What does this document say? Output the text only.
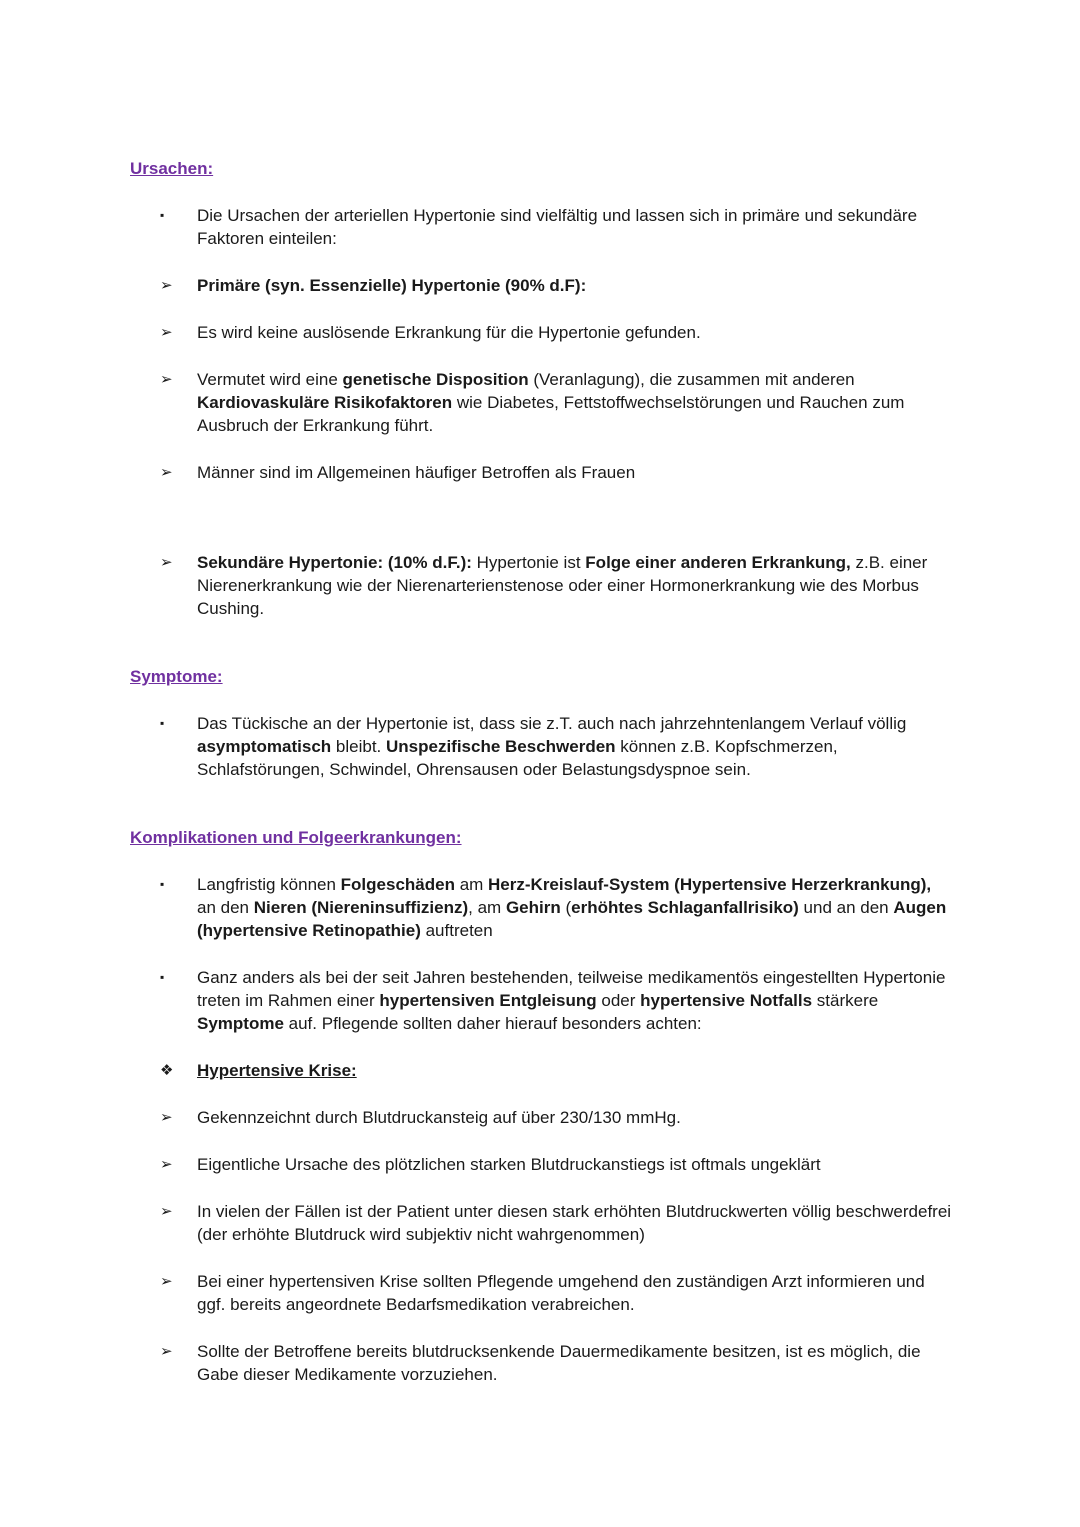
Ursachen:
▪	Die Ursachen der arteriellen Hypertonie sind vielfältig und lassen sich in primäre und sekundäre Faktoren einteilen:
➢	Primäre (syn. Essenzielle) Hypertonie (90% d.F):
➢	Es wird keine auslösende Erkrankung für die Hypertonie gefunden.
➢	Vermutet wird eine genetische Disposition (Veranlagung), die zusammen mit anderen Kardiovaskuläre Risikofaktoren wie Diabetes, Fettstoffwechselstörungen und Rauchen zum Ausbruch der Erkrankung führt.
➢	Männer sind im Allgemeinen häufiger Betroffen als Frauen
➢	Sekundäre Hypertonie: (10% d.F.): Hypertonie ist Folge einer anderen Erkrankung, z.B. einer Nierenerkrankung wie der Nierenarterienstenose oder einer Hormonerkrankung wie des Morbus Cushing.
Symptome:
▪	Das Tückische an der Hypertonie ist, dass sie z.T. auch nach jahrzehntenlangem Verlauf völlig asymptomatisch bleibt. Unspezifische Beschwerden können z.B. Kopfschmerzen, Schlafstörungen, Schwindel, Ohrensausen oder Belastungsdyspnoe sein.
Komplikationen und Folgeerkrankungen:
▪	Langfristig können Folgeschäden am Herz-Kreislauf-System (Hypertensive Herzerkrankung), an den Nieren (Niereninsuffizienz), am Gehirn (erhöhtes Schlaganfallrisiko) und an den Augen (hypertensive Retinopathie) auftreten
▪	Ganz anders als bei der seit Jahren bestehenden, teilweise medikamentös eingestellten Hypertonie treten im Rahmen einer hypertensiven Entgleisung oder hypertensive Notfalls stärkere Symptome auf. Pflegende sollten daher hierauf besonders achten:
❖	Hypertensive Krise:
➢	Gekennzeichnt durch Blutdruckansteig auf über 230/130 mmHg.
➢	Eigentliche Ursache des plötzlichen starken Blutdruckanstiegs ist oftmals ungeklärt
➢	In vielen der Fällen ist der Patient unter diesen stark erhöhten Blutdruckwerten völlig beschwerdefrei (der erhöhte Blutdruck wird subjektiv nicht wahrgenommen)
➢	Bei einer hypertensiven Krise sollten Pflegende umgehend den zuständigen Arzt informieren und ggf. bereits angeordnete Bedarfsmedikation verabreichen.
➢	Sollte der Betroffene bereits blutdrucksenkende Dauermedikamente besitzen, ist es möglich, die Gabe dieser Medikamente vorzuziehen.
